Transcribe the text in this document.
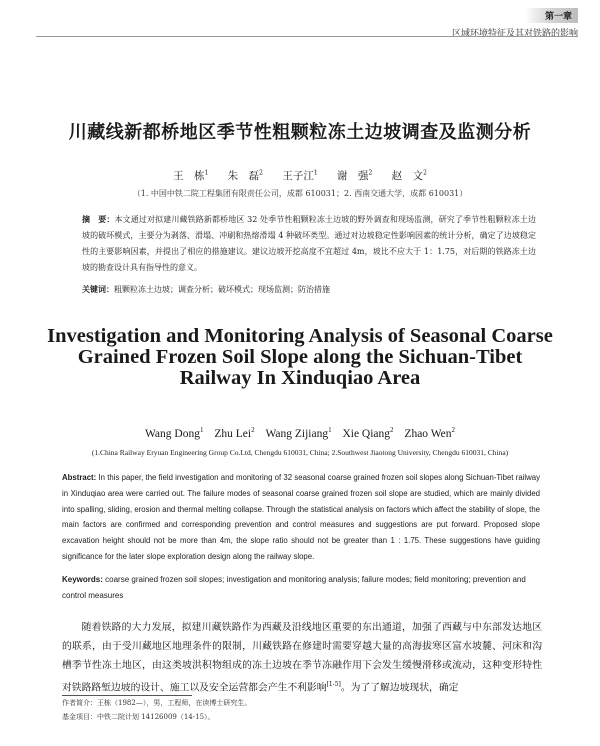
第一章
区域环境特征及其对铁路的影响
川藏线新都桥地区季节性粗颗粒冻土边坡调查及监测分析
王　栋$^1$ 朱　磊$^2$ 王子江$^1$ 谢　强$^2$ 赵　文$^2$
（1. 中国中铁二院工程集团有限责任公司，成都 610031；2. 西南交通大学，成都 610031）
摘　要：本文通过对拟建川藏铁路新都桥地区 32 处季节性粗颗粒冻土边坡的野外调查和现场监测，研究了季节性粗颗粒冻土边坡的破坏模式，主要分为剥落、滑塌、冲刷和热熔滑塌 4 种破坏类型。通过对边坡稳定性影响因素的统计分析，确定了边坡稳定性的主要影响因素，并提出了相应的措施建议。建议边坡开挖高度不宜超过 4m，坡比不应大于 1：1.75，对后期的铁路冻土边坡的勘查设计具有指导性的意义。
关键词：粗颗粒冻土边坡；调查分析；破坏模式；现场监测；防治措施
Investigation and Monitoring Analysis of Seasonal Coarse Grained Frozen Soil Slope along the Sichuan-Tibet Railway In Xinduqiao Area
Wang Dong$^1$ Zhu Lei$^2$ Wang Zijiang$^1$ Xie Qiang$^2$ Zhao Wen$^2$
(1.China Railway Eryuan Engineering Group Co.Ltd, Chengdu 610031, China; 2.Southwest Jiaotong University, Chengdu 610031, China)
Abstract: In this paper, the field investigation and monitoring of 32 seasonal coarse grained frozen soil slopes along Sichuan-Tibet railway in Xinduqiao area were carried out. The failure modes of seasonal coarse grained frozen soil slope are studied, which are mainly divided into spalling, sliding, erosion and thermal melting collapse. Through the statistical analysis on factors which affect the stability of slope, the main factors are confirmed and corresponding prevention and control measures and suggestions are put forward. Proposed slope excavation height should not be more than 4m, the slope ratio should not be greater than 1 : 1.75. These suggestions have guiding significance for the later slope exploration design along the railway slope.
Keywords: coarse grained frozen soil slopes; investigation and monitoring analysis; failure modes; field monitoring; prevention and control measures
随着铁路的大力发展，拟建川藏铁路作为西藏及沿线地区重要的东出通道，加强了西藏与中东部发达地区的联系，由于受川藏地区地理条件的限制，川藏铁路在修建时需要穿越大量的高海拔寒区富水坡麓、河床和沟槽季节性冻土地区，由这类坡洪积物组成的冻土边坡在季节冻融作用下会发生缓慢滑移或流动，这种变形特性对铁路路堑边坡的设计、施工以及安全运营都会产生不利影响[1-5]。为了了解边坡现状，确定
作者简介：王栋（1982—），男，工程师，在读博士研究生。
基金项目：中铁二院计划 14126009（14-15）。
